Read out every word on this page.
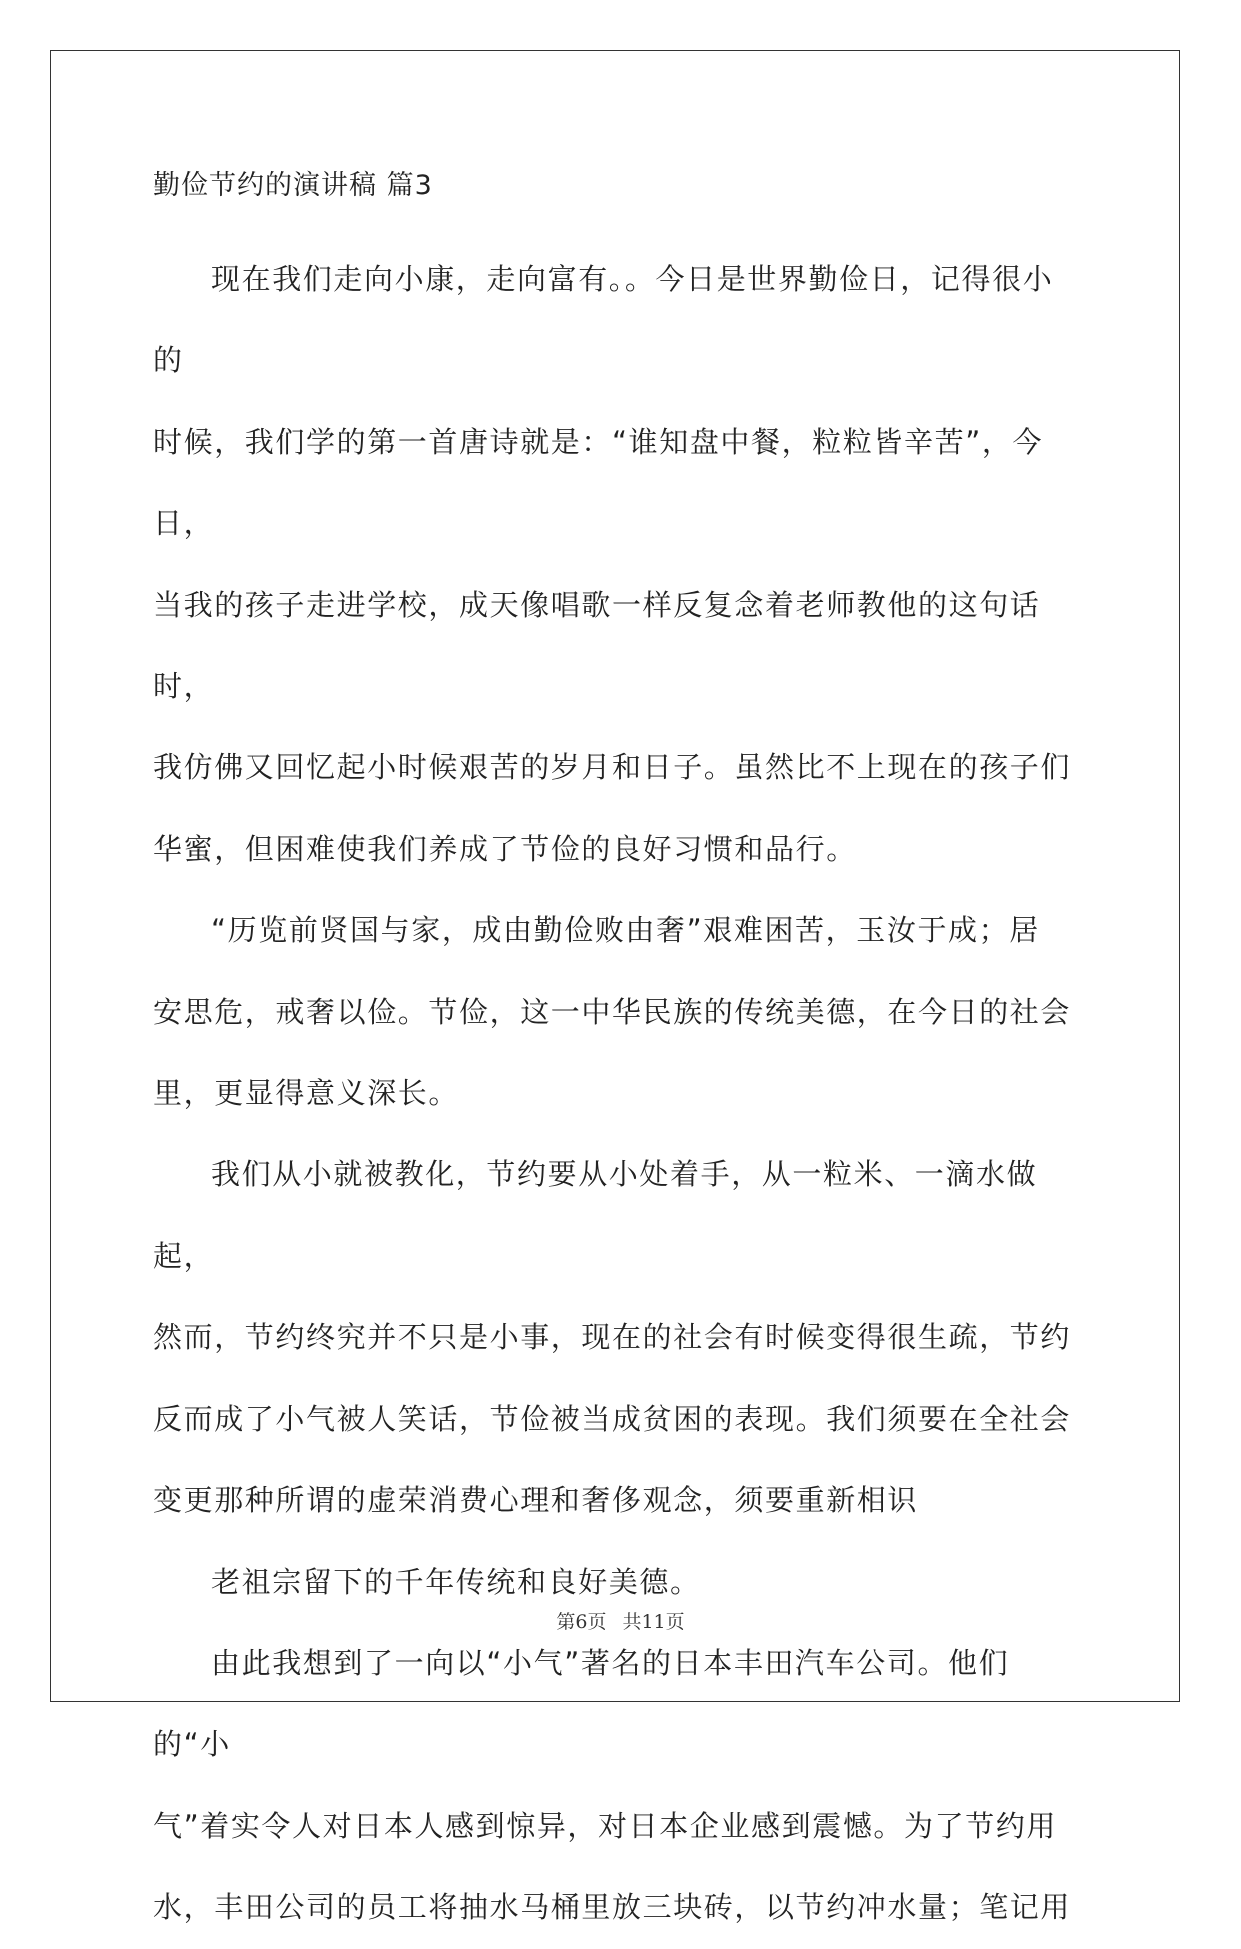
勤俭节约的演讲稿 篇3

现在我们走向小康，走向富有。。今日是世界勤俭日，记得很小的
时候，我们学的第一首唐诗就是：“谁知盘中餐，粒粒皆辛苦”，今日，
当我的孩子走进学校，成天像唱歌一样反复念着老师教他的这句话时，
我仿佛又回忆起小时候艰苦的岁月和日子。虽然比不上现在的孩子们
华蜜，但困难使我们养成了节俭的良好习惯和品行。

“历览前贤国与家，成由勤俭败由奢”艰难困苦，玉汝于成；居
安思危，戒奢以俭。节俭，这一中华民族的传统美德，在今日的社会
里，更显得意义深长。

我们从小就被教化，节约要从小处着手，从一粒米、一滴水做起，
然而，节约终究并不只是小事，现在的社会有时候变得很生疏，节约
反而成了小气被人笑话，节俭被当成贫困的表现。我们须要在全社会
变更那种所谓的虚荣消费心理和奢侈观念，须要重新相识

老祖宗留下的千年传统和良好美德。

由此我想到了一向以“小气”著名的日本丰田汽车公司。他们的“小
气”着实令人对日本人感到惊异，对日本企业感到震憾。为了节约用
水，丰田公司的员工将抽水马桶里放三块砖，以节约冲水量；笔记用

第6页 共11页
